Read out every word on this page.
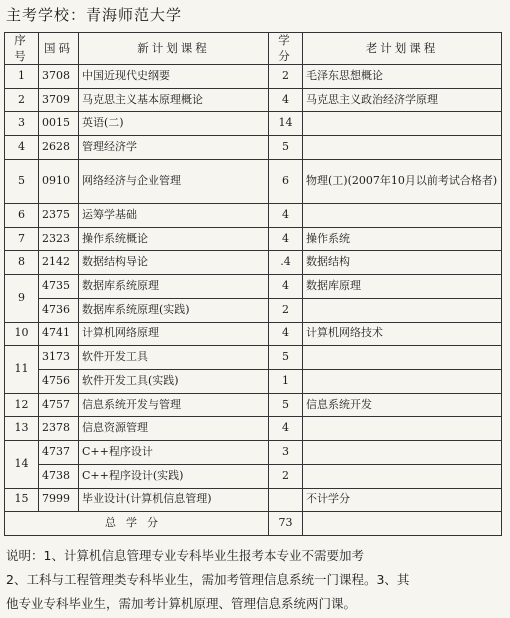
主考学校：青海师范大学
序号	国码	新计划课程	学分	老计划课程
1	3708	中国近现代史纲要	2	毛泽东思想概论
2	3709	马克思主义基本原理概论	4	马克思主义政治经济学原理
3	0015	英语(二)	14	
4	2628	管理经济学	5	
5	0910	网络经济与企业管理	6	物理(工)(2007年10月以前考试合格者)
6	2375	运筹学基础	4	
7	2323	操作系统概论	4	操作系统
8	2142	数据结构导论	.4	数据结构
9	4735	数据库系统原理	4	数据库原理
	4736	数据库系统原理(实践)	2	
10	4741	计算机网络原理	4	计算机网络技术
11	3173	软件开发工具	5	
	4756	软件开发工具(实践)	1	
12	4757	信息系统开发与管理	5	信息系统开发
13	2378	信息资源管理	4	
14	4737	C++程序设计	3	
	4738	C++程序设计(实践)	2	
15	7999	毕业设计(计算机信息管理)		不计学分
总学分			73	
说明：1、计算机信息管理专业专科毕业生报考本专业不需要加考
2、工科与工程管理类专科毕业生，需加考管理信息系统一门课程。3、其
他专业专科毕业生，需加考计算机原理、管理信息系统两门课。
